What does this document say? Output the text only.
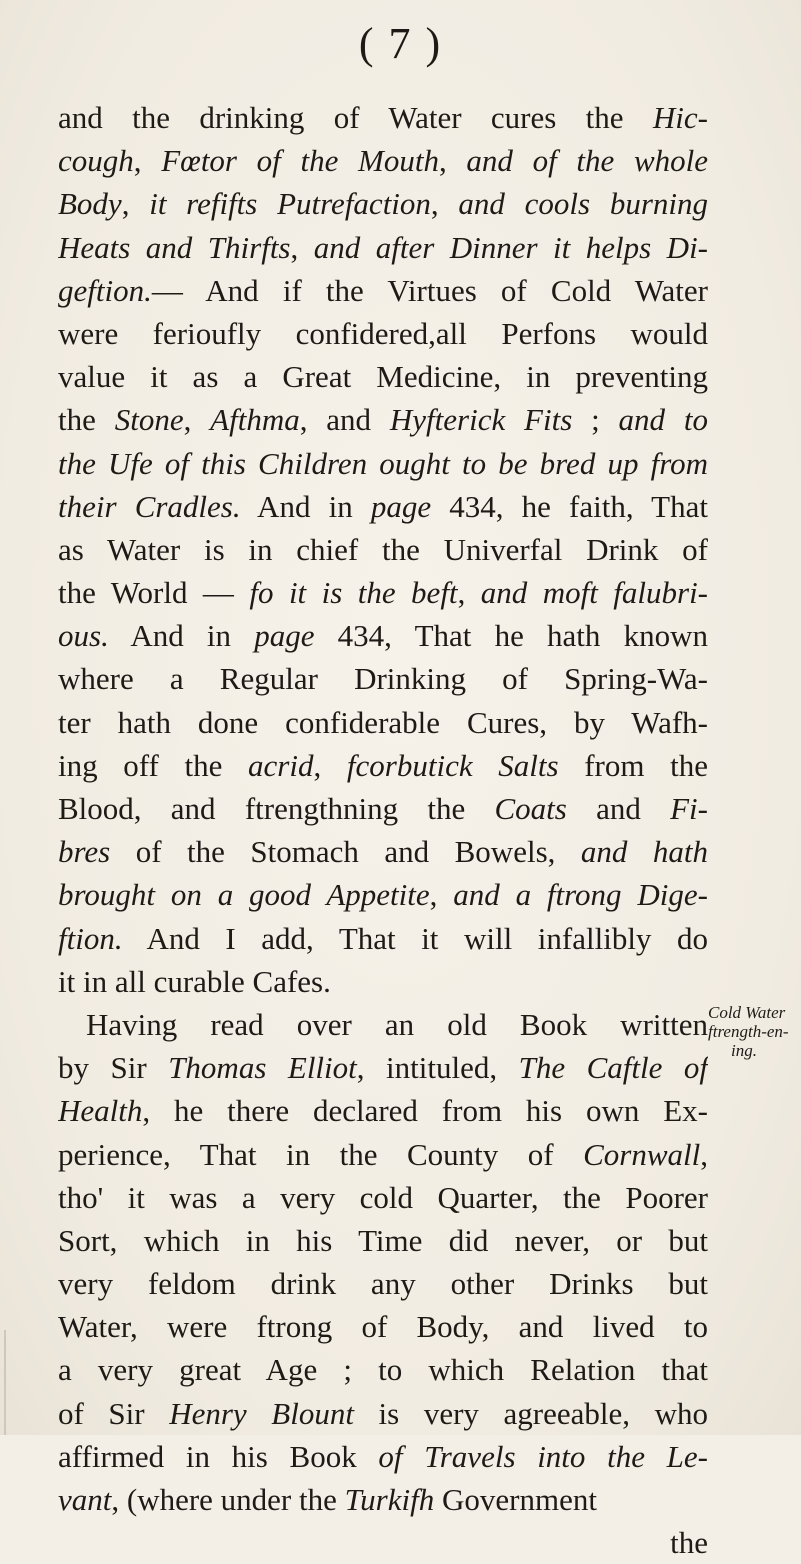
( 7 )
and the drinking of Water cures the Hic-
cough, Fœtor of the Mouth, and of the whole
Body, it refifts Putrefaction, and cools burning
Heats and Thirfts, and after Dinner it helps Di-
geftion.— And if the Virtues of Cold Water
were ferioufly confidered,all Perfons would
value it as a Great Medicine, in preventing
the Stone, Afthma, and Hyfterick Fits ; and to
the Ufe of this Children ought to be bred up from
their Cradles. And in page 434, he faith, That
as Water is in chief the Univerfal Drink of
the World — fo it is the beft, and moft falubri-
ous. And in page 434, That he hath known
where a Regular Drinking of Spring-Wa-
ter hath done confiderable Cures, by Wafh-
ing off the acrid, fcorbutick Salts from the
Blood, and ftrengthning the Coats and Fi-
bres of the Stomach and Bowels, and hath
brought on a good Appetite, and a ftrong Dige-
ftion. And I add, That it will infallibly do
it in all curable Cafes.
Having read over an old Book written
by Sir Thomas Elliot, intituled, The Caftle of
Health, he there declared from his own Ex-
perience, That in the County of Cornwall,
tho' it was a very cold Quarter, the Poorer
Sort, which in his Time did never, or but
very feldom drink any other Drinks but
Water, were ftrong of Body, and lived to
a very great Age ; to which Relation that
of Sir Henry Blount is very agreeable, who
affirmed in his Book of Travels into the Le-
vant, (where under the Turkifh Government
the
Cold Water
ftrength-en-
ing.
